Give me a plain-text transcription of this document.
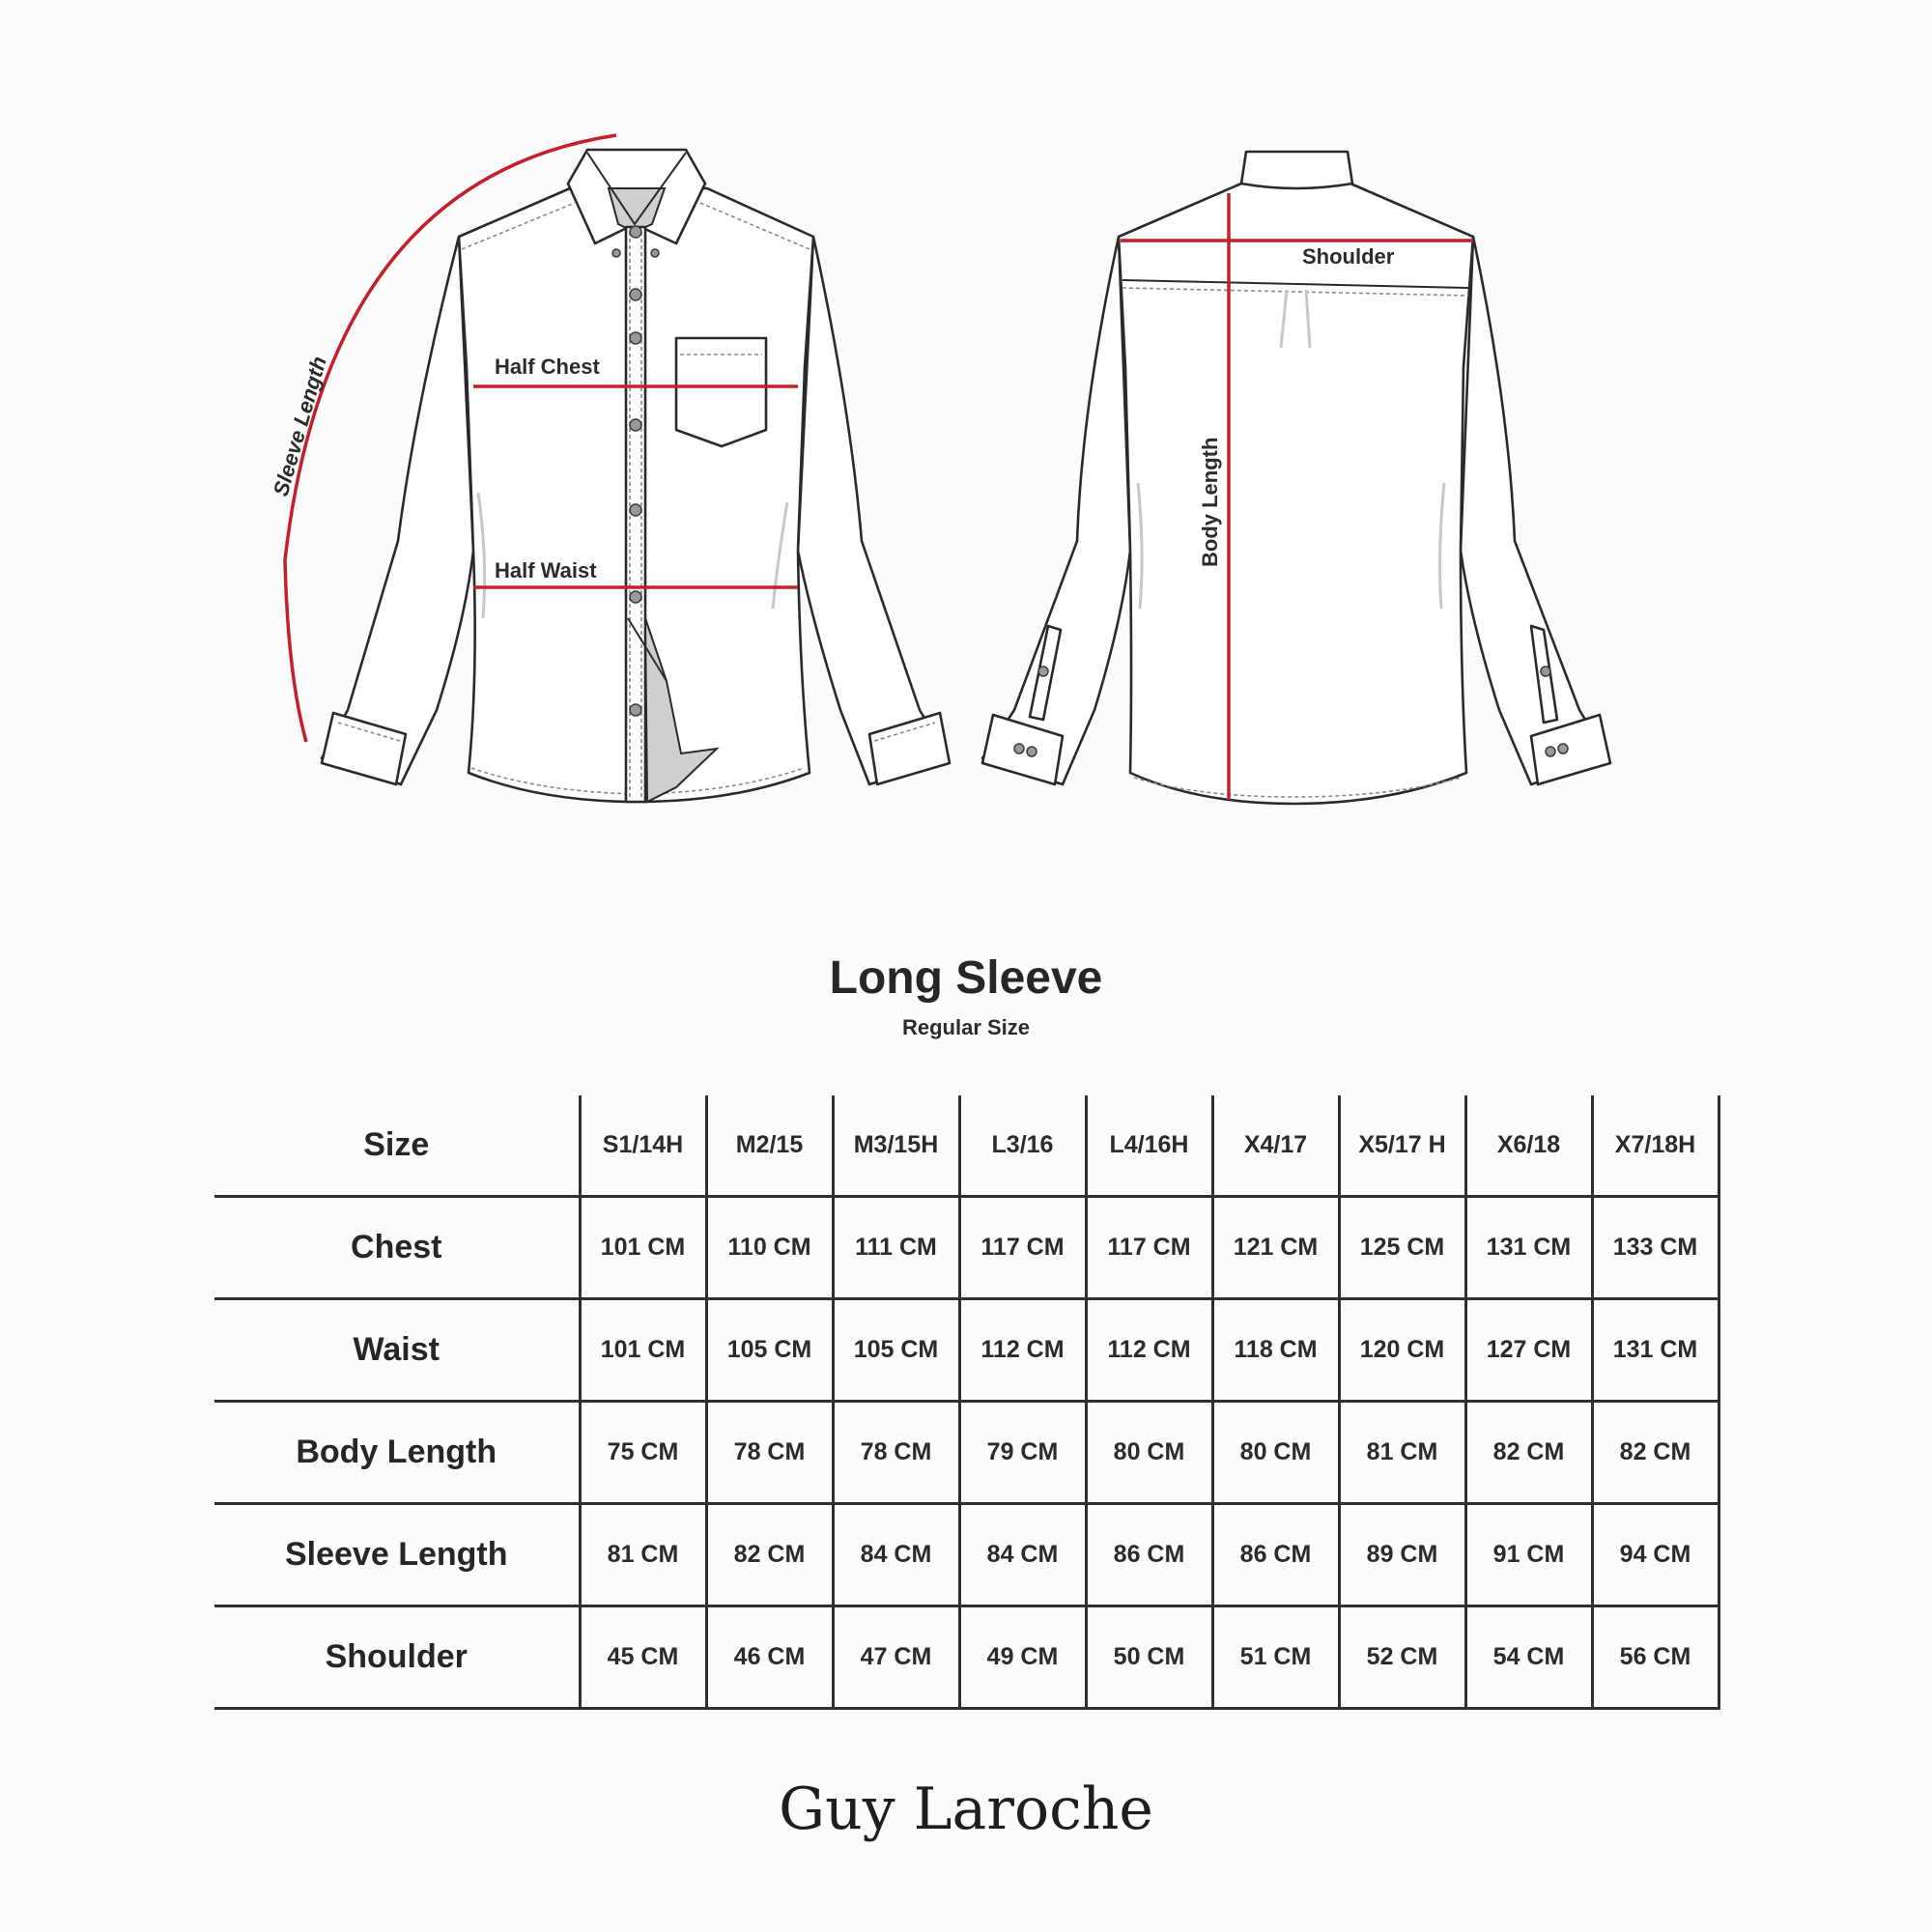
Half Chest
Half Waist
Sleeve Length
Shoulder
Body Length
Long Sleeve
Regular Size
Size	S1/14H	M2/15	M3/15H	L3/16	L4/16H	X4/17	X5/17 H	X6/18	X7/18H
Chest	101 CM	110 CM	111 CM	117 CM	117 CM	121 CM	125 CM	131 CM	133 CM
Waist	101 CM	105 CM	105 CM	112 CM	112 CM	118 CM	120 CM	127 CM	131 CM
Body Length	75 CM	78 CM	78 CM	79 CM	80 CM	80 CM	81 CM	82 CM	82 CM
Sleeve Length	81 CM	82 CM	84 CM	84 CM	86 CM	86 CM	89 CM	91 CM	94 CM
Shoulder	45 CM	46 CM	47 CM	49 CM	50 CM	51 CM	52 CM	54 CM	56 CM
Guy Laroche
